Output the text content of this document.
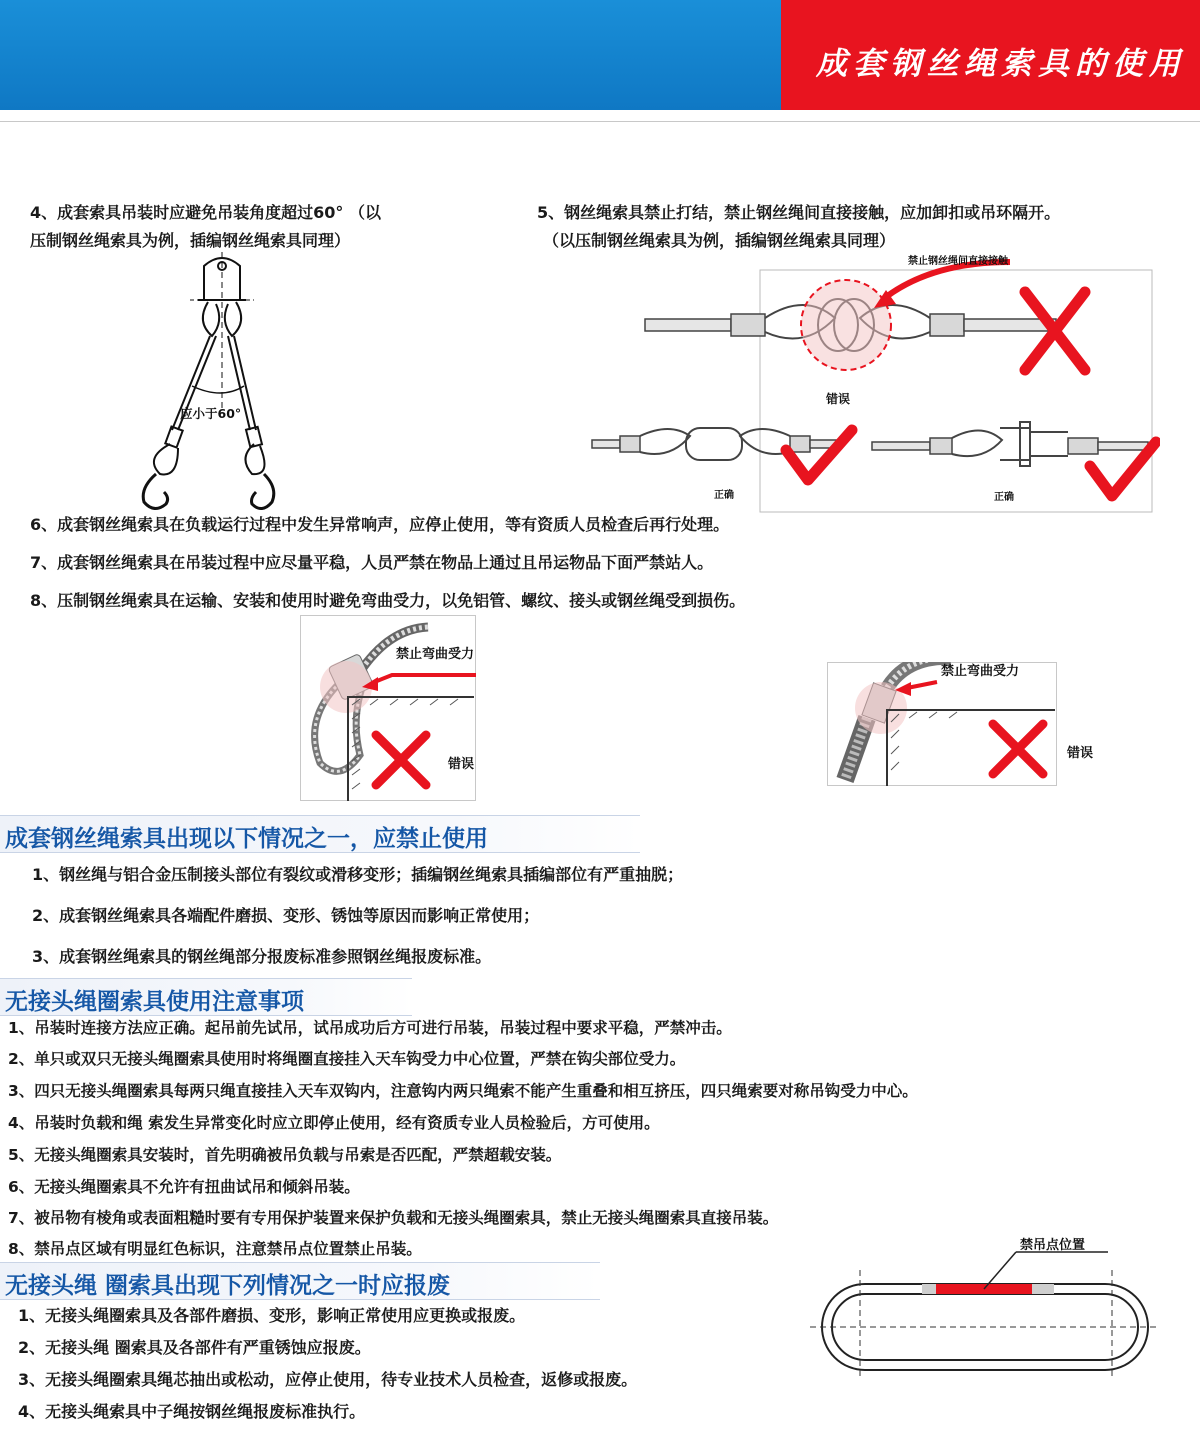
成套钢丝绳索具的使用
4、成套索具吊装时应避免吊装角度超过60° （以
压制钢丝绳索具为例，插编钢丝绳索具同理）
5、钢丝绳索具禁止打结，禁止钢丝绳间直接接触，应加卸扣或吊环隔开。
（以压制钢丝绳索具为例，插编钢丝绳索具同理）
应小于60°
禁止钢丝绳间直接接触
错误
正确	正确
6、成套钢丝绳索具在负载运行过程中发生异常响声，应停止使用，等有资质人员检查后再行处理。
7、成套钢丝绳索具在吊装过程中应尽量平稳，人员严禁在物品上通过且吊运物品下面严禁站人。
8、压制钢丝绳索具在运输、安装和使用时避免弯曲受力，以免铝管、螺纹、接头或钢丝绳受到损伤。
禁止弯曲受力
错误
禁止弯曲受力
错误
成套钢丝绳索具出现以下情况之一，应禁止使用
1、钢丝绳与铝合金压制接头部位有裂纹或滑移变形；插编钢丝绳索具插编部位有严重抽脱；
2、成套钢丝绳索具各端配件磨损、变形、锈蚀等原因而影响正常使用；
3、成套钢丝绳索具的钢丝绳部分报废标准参照钢丝绳报废标准。
无接头绳圈索具使用注意事项
1、吊装时连接方法应正确。起吊前先试吊，试吊成功后方可进行吊装，吊装过程中要求平稳，严禁冲击。
2、单只或双只无接头绳圈索具使用时将绳圈直接挂入天车钩受力中心位置，严禁在钩尖部位受力。
3、四只无接头绳圈索具每两只绳直接挂入天车双钩内，注意钩内两只绳索不能产生重叠和相互挤压，四只绳索要对称吊钩受力中心。
4、吊装时负载和绳 索发生异常变化时应立即停止使用，经有资质专业人员检验后，方可使用。
5、无接头绳圈索具安装时，首先明确被吊负载与吊索是否匹配，严禁超载安装。
6、无接头绳圈索具不允许有扭曲试吊和倾斜吊装。
7、被吊物有棱角或表面粗糙时要有专用保护装置来保护负载和无接头绳圈索具，禁止无接头绳圈索具直接吊装。
8、禁吊点区域有明显红色标识，注意禁吊点位置禁止吊装。
无接头绳 圈索具出现下列情况之一时应报废
1、无接头绳圈索具及各部件磨损、变形，影响正常使用应更换或报废。
2、无接头绳 圈索具及各部件有严重锈蚀应报废。
3、无接头绳圈索具绳芯抽出或松动，应停止使用，待专业技术人员检查，返修或报废。
4、无接头绳索具中子绳按钢丝绳报废标准执行。
禁吊点位置
